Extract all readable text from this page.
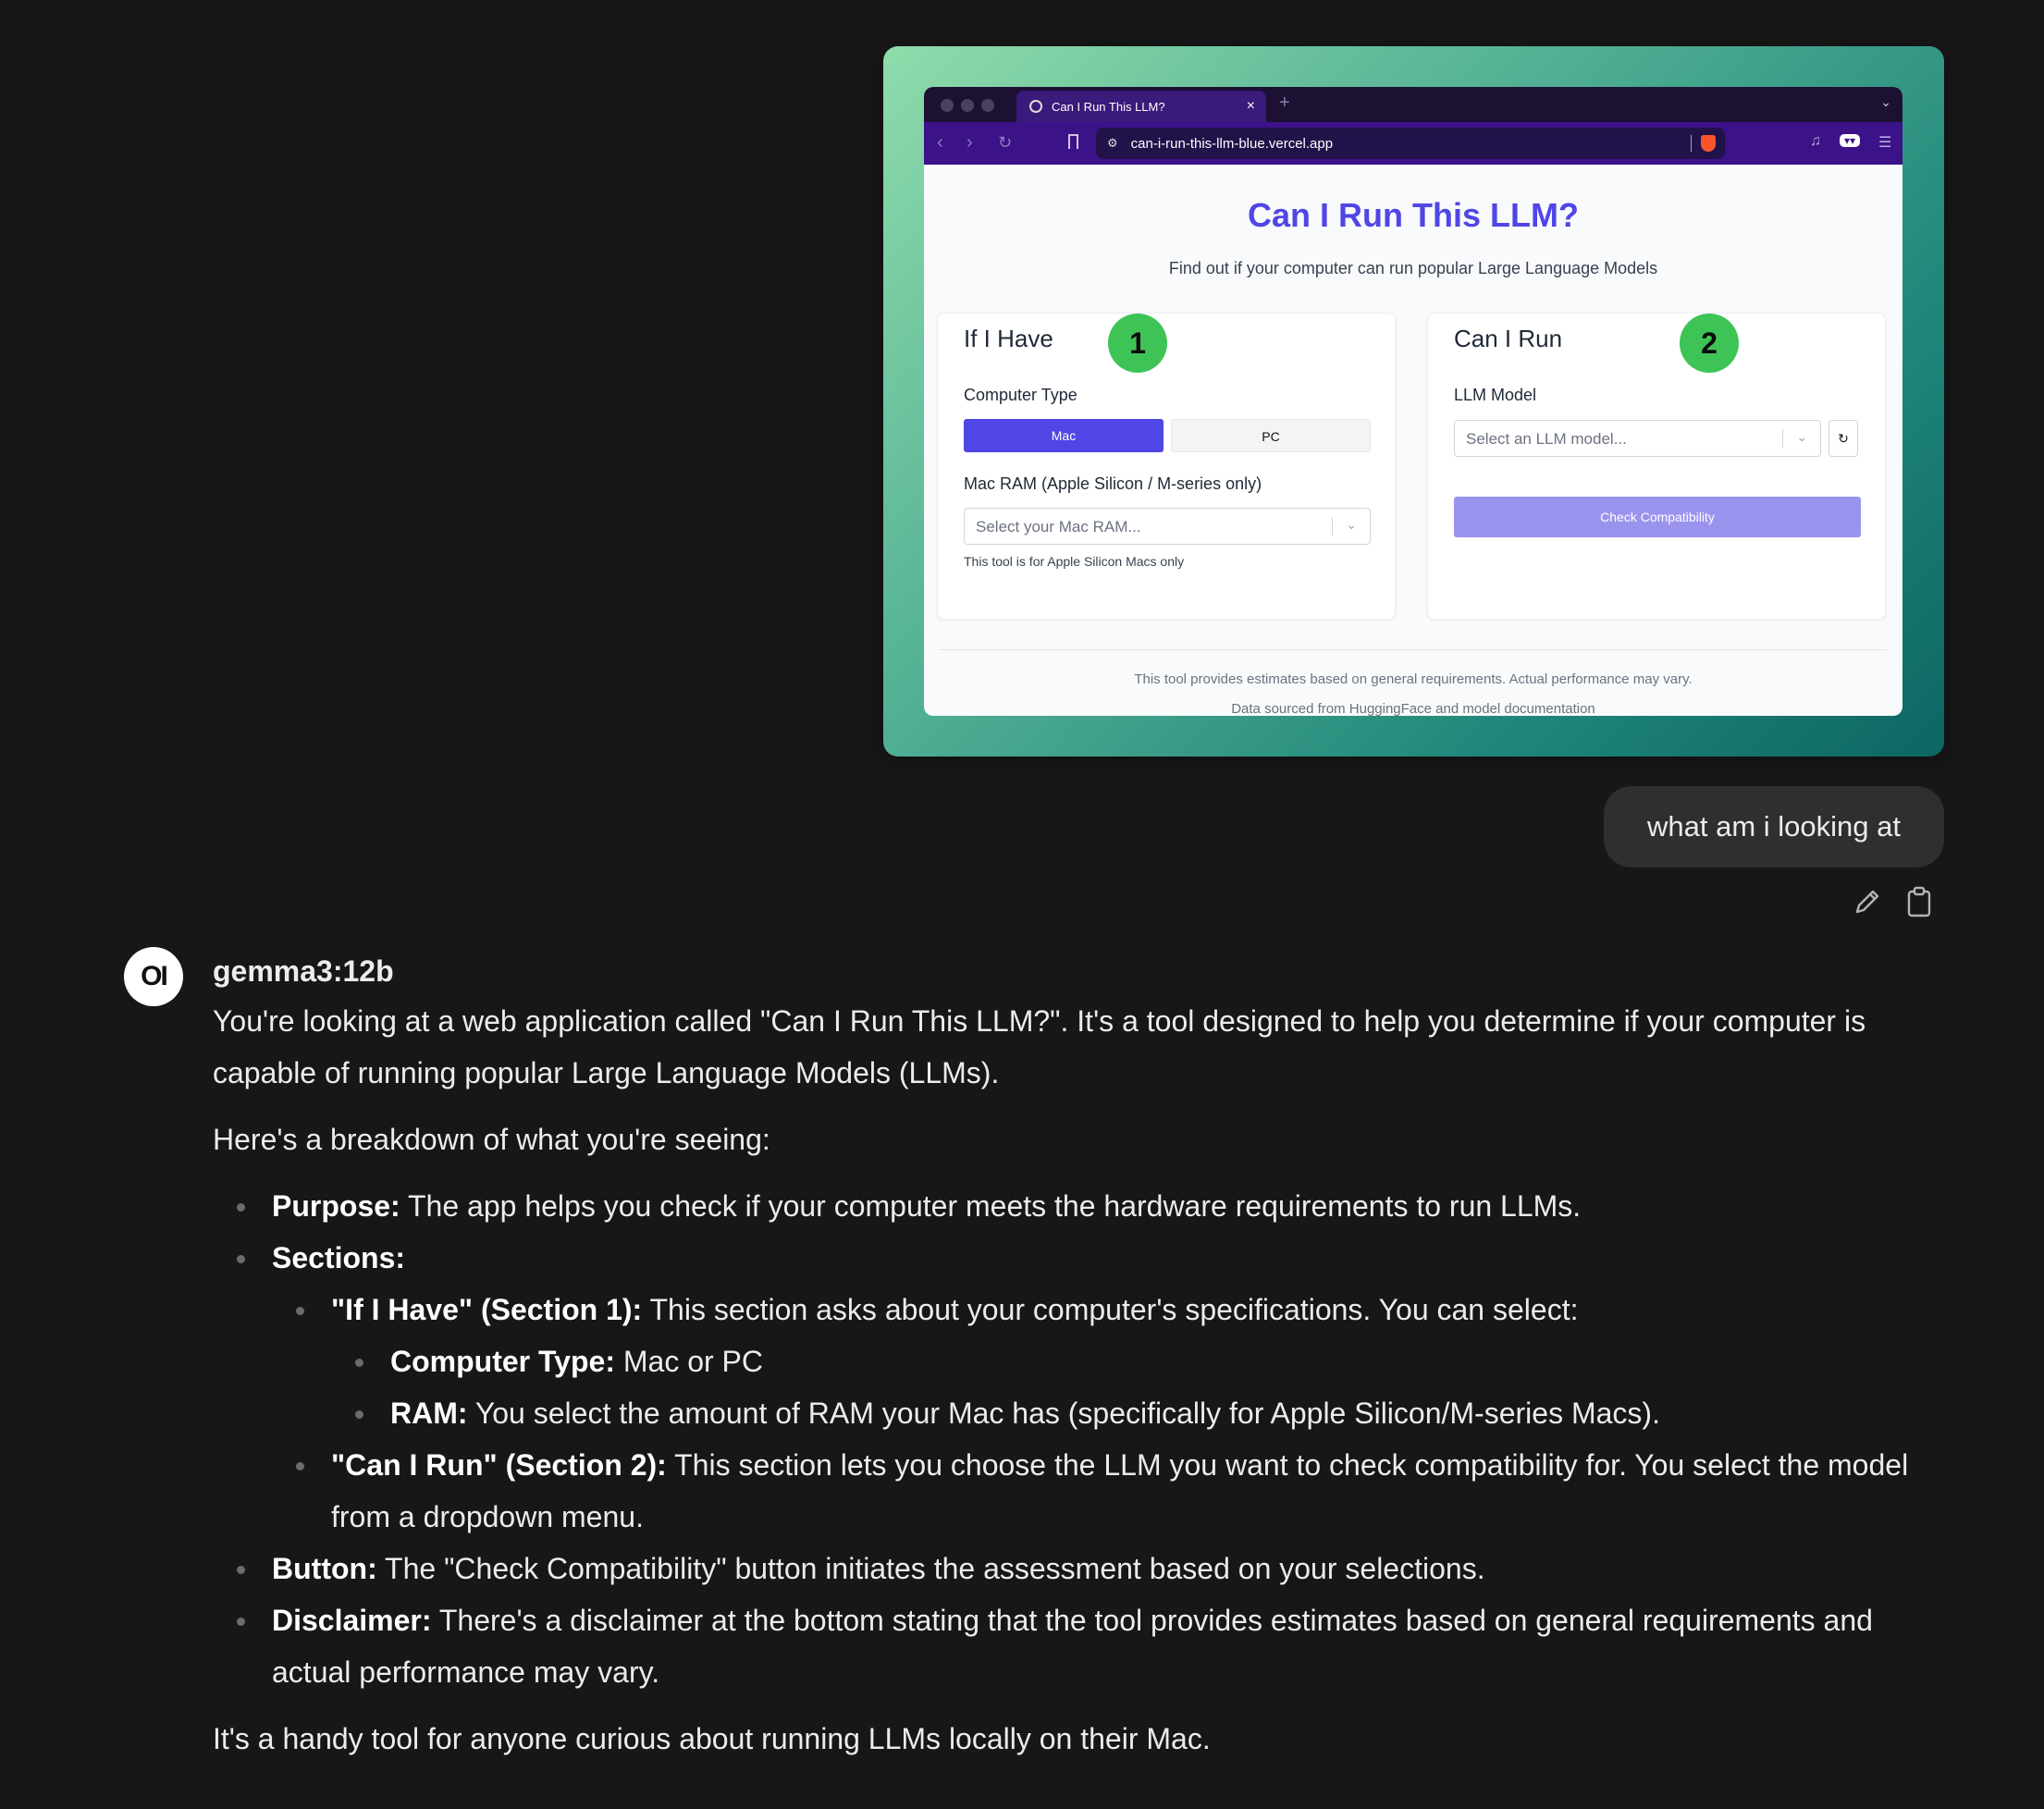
Can I Run This LLM?	× +	⌄
‹ › ↻	⚙ can-i-run-this-llm-blue.vercel.app	♫	▾▾	☰
Can I Run This LLM?
Find out if your computer can run popular Large Language Models
If I Have	1
Computer Type
Mac	PC
Mac RAM (Apple Silicon / M-series only)
Select your Mac RAM...	⌄
This tool is for Apple Silicon Macs only
Can I Run	2
LLM Model
Select an LLM model...	⌄	↻
Check Compatibility
This tool provides estimates based on general requirements. Actual performance may vary.
Data sourced from HuggingFace and model documentation
what am i looking at
OI	gemma3:12b

You're looking at a web application called "Can I Run This LLM?". It's a tool designed to help you determine if your computer is capable of running popular Large Language Models (LLMs).

Here's a breakdown of what you're seeing:

Purpose: The app helps you check if your computer meets the hardware requirements to run LLMs.
Sections:
"If I Have" (Section 1): This section asks about your computer's specifications. You can select:
Computer Type: Mac or PC
RAM: You select the amount of RAM your Mac has (specifically for Apple Silicon/M-series Macs).
"Can I Run" (Section 2): This section lets you choose the LLM you want to check compatibility for. You select the model from a dropdown menu.
Button: The "Check Compatibility" button initiates the assessment based on your selections.
Disclaimer: There's a disclaimer at the bottom stating that the tool provides estimates based on general requirements and actual performance may vary.

It's a handy tool for anyone curious about running LLMs locally on their Mac.
